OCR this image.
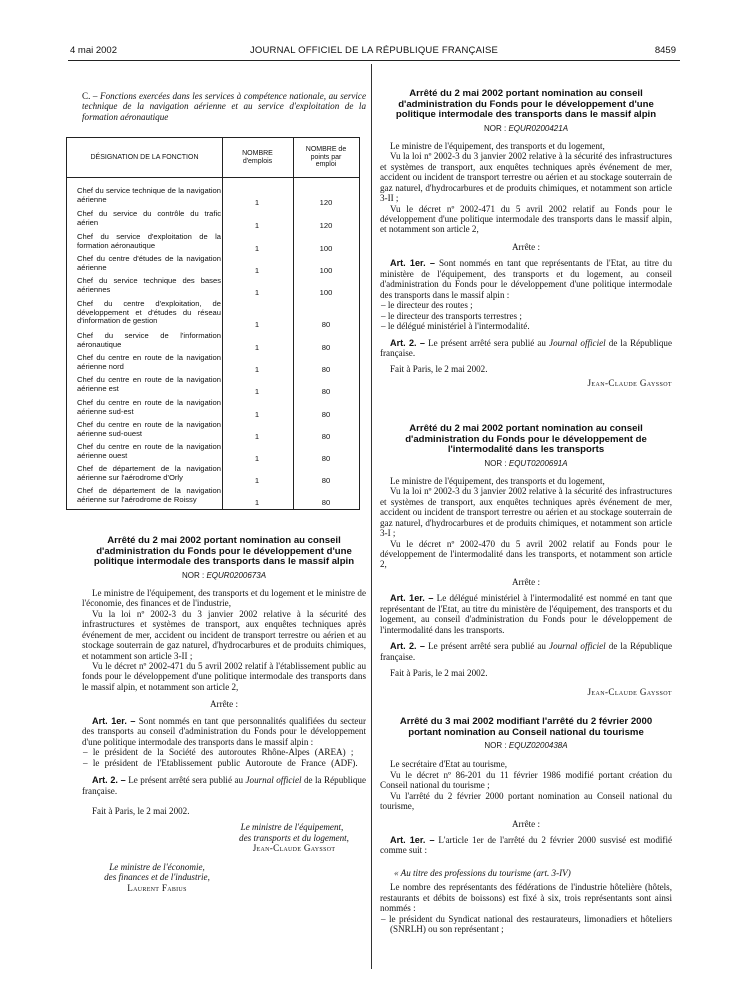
4 mai 2002	JOURNAL OFFICIEL DE LA RÉPUBLIQUE FRANÇAISE	8459

C. – Fonctions exercées dans les services à compétence nationale, au service technique de la navigation aérienne et au service d'exploitation de la formation aéronautique

DÉSIGNATION DE LA FONCTION
NOMBRE d'emplois
NOMBRE de points par emploi
Chef du service technique de la navigation aérienne	1	120
Chef du service du contrôle du trafic aérien	1	120
Chef du service d'exploitation de la formation aéronautique	1	100
Chef du centre d'études de la navigation aérienne	1	100
Chef du service technique des bases aériennes	1	100
Chef du centre d'exploitation, de développement et d'études du réseau d'information de gestion	1	80
Chef du service de l'information aéronautique	1	80
Chef du centre en route de la navigation aérienne nord	1	80
Chef du centre en route de la navigation aérienne est	1	80
Chef du centre en route de la navigation aérienne sud-est	1	80
Chef du centre en route de la navigation aérienne sud-ouest	1	80
Chef du centre en route de la navigation aérienne ouest	1	80
Chef de département de la navigation aérienne sur l'aérodrome d'Orly	1	80
Chef de département de la navigation aérienne sur l'aérodrome de Roissy	1	80

Arrêté du 2 mai 2002 portant nomination au conseil d'administration du Fonds pour le développement d'une politique intermodale des transports dans le massif alpin

NOR : EQUR0200673A

Le ministre de l'équipement, des transports et du logement et le ministre de l'économie, des finances et de l'industrie,

Vu la loi nº 2002-3 du 3 janvier 2002 relative à la sécurité des infrastructures et systèmes de transport, aux enquêtes techniques après événement de mer, accident ou incident de transport terrestre ou aérien et au stockage souterrain de gaz naturel, d'hydrocarbures et de produits chimiques, et notamment son article 3-II ;

Vu le décret nº 2002-471 du 5 avril 2002 relatif à l'établissement public au fonds pour le développement d'une politique intermodale des transports dans le massif alpin, et notamment son article 2,

Arrête :

Art. 1er. – Sont nommés en tant que personnalités qualifiées du secteur des transports au conseil d'administration du Fonds pour le développement d'une politique intermodale des transports dans le massif alpin :

– le président de la Société des autoroutes Rhône-Alpes (AREA) ;

– le président de l'Etablissement public Autoroute de France (ADF).

Art. 2. – Le présent arrêté sera publié au Journal officiel de la République française.

Fait à Paris, le 2 mai 2002.

Le ministre de l'équipement,

des transports et du logement,

Jean-Claude Gayssot

Le ministre de l'économie,

des finances et de l'industrie,

Laurent Fabius

Arrêté du 2 mai 2002 portant nomination au conseil d'administration du Fonds pour le développement d'une politique intermodale des transports dans le massif alpin

NOR : EQUR0200421A

Le ministre de l'équipement, des transports et du logement,

Vu la loi nº 2002-3 du 3 janvier 2002 relative à la sécurité des infrastructures et systèmes de transport, aux enquêtes techniques après événement de mer, accident ou incident de transport terrestre ou aérien et au stockage souterrain de gaz naturel, d'hydrocarbures et de produits chimiques, et notamment son article 3-II ;

Vu le décret nº 2002-471 du 5 avril 2002 relatif au Fonds pour le développement d'une politique intermodale des transports dans le massif alpin, et notamment son article 2,

Arrête :

Art. 1er. – Sont nommés en tant que représentants de l'Etat, au titre du ministère de l'équipement, des transports et du logement, au conseil d'administration du Fonds pour le développement d'une politique intermodale des transports dans le massif alpin :

– le directeur des routes ;

– le directeur des transports terrestres ;

– le délégué ministériel à l'intermodalité.

Art. 2. – Le présent arrêté sera publié au Journal officiel de la République française.

Fait à Paris, le 2 mai 2002.

Jean-Claude Gayssot

Arrêté du 2 mai 2002 portant nomination au conseil d'administration du Fonds pour le développement de l'intermodalité dans les transports

NOR : EQUT0200691A

Le ministre de l'équipement, des transports et du logement,

Vu la loi nº 2002-3 du 3 janvier 2002 relative à la sécurité des infrastructures et systèmes de transport, aux enquêtes techniques après événement de mer, accident ou incident de transport terrestre ou aérien et au stockage souterrain de gaz naturel, d'hydrocarbures et de produits chimiques, et notamment son article 3-I ;

Vu le décret nº 2002-470 du 5 avril 2002 relatif au Fonds pour le développement de l'intermodalité dans les transports, et notamment son article 2,

Arrête :

Art. 1er. – Le délégué ministériel à l'intermodalité est nommé en tant que représentant de l'Etat, au titre du ministère de l'équipement, des transports et du logement, au conseil d'administration du Fonds pour le développement de l'intermodalité dans les transports.

Art. 2. – Le présent arrêté sera publié au Journal officiel de la République française.

Fait à Paris, le 2 mai 2002.

Jean-Claude Gayssot

Arrêté du 3 mai 2002 modifiant l'arrêté du 2 février 2000 portant nomination au Conseil national du tourisme

NOR : EQUZ0200438A

Le secrétaire d'Etat au tourisme,

Vu le décret nº 86-201 du 11 février 1986 modifié portant création du Conseil national du tourisme ;

Vu l'arrêté du 2 février 2000 portant nomination au Conseil national du tourisme,

Arrête :

Art. 1er. – L'article 1er de l'arrêté du 2 février 2000 susvisé est modifié comme suit :

« Au titre des professions du tourisme (art. 3-IV)

Le nombre des représentants des fédérations de l'industrie hôtelière (hôtels, restaurants et débits de boissons) est fixé à six, trois représentants sont ainsi nommés :

– le président du Syndicat national des restaurateurs, limonadiers et hôteliers (SNRLH) ou son représentant ;
